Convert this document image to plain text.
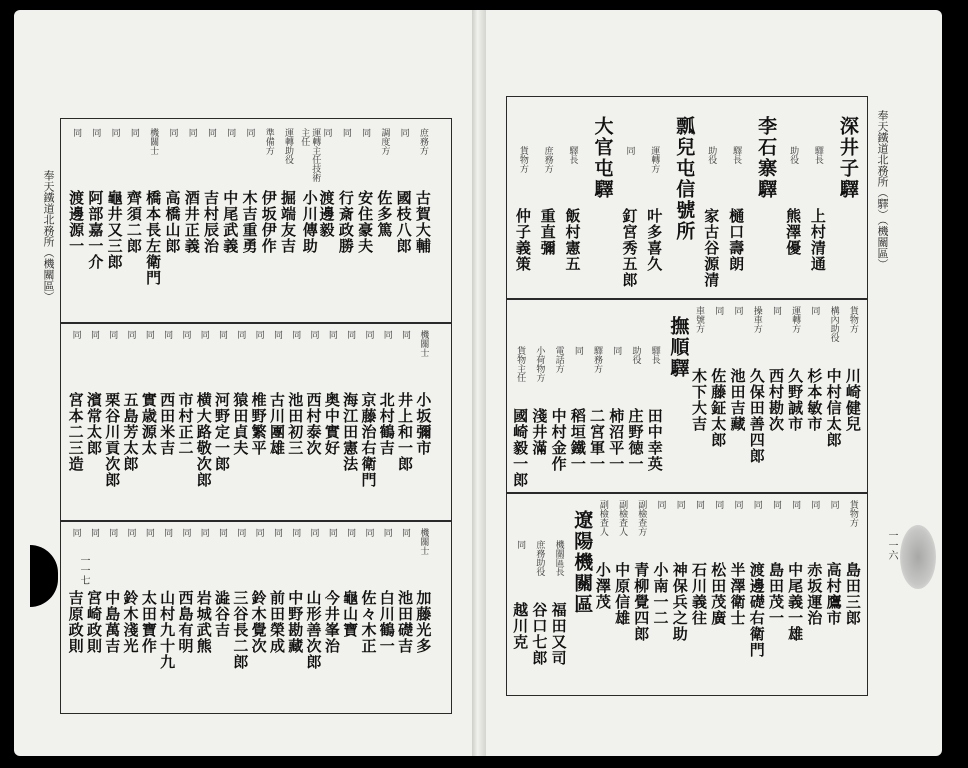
奉天鐵道北務所（機關區）
一一七
奉天鐵道北務所（驛）（機關區）
一一六
庶務方
古賀大輔
同
國枝八郎
調度方
佐多篤
同
安住豪夫
同
行斎政勝
同
渡邊毅
運轉主任技術主任
小川傳助
運轉助役
掘端友吉
準備方
伊坂伊作
同
木吉重勇
同
中尾武義
同
吉村辰治
同
酒井正義
同
高橋山郎
機關士
橋本長左衛門
同
齊須二郎
同
龜井又三郎
同
阿部嘉一介
同
渡邊源一
機關士
小坂彌市
同
井上和一郎
同
北村鶴吉
同
京藤治右衛門
同
海江田憲法
同
奥中實好
同
西村泰次
同
池田初三
同
古川團雄
同
椎野繁平
同
猿田貞夫
同
河野定一郎
同
横大路敬次郎
同
市村正二
同
西田米吉
同
實歳源太
同
五島芳太郎
同
栗谷川貢次郎
同
濱常太郎
同
宮本二三造
機關士
加藤光多
同
池田礎吉
同
白川鶴一
同
佐々木正
同
龜山寶
同
今井峯治
同
山形善次郎
同
中野勘藏
同
前田榮成
同
鈴木覺次
同
三谷長二郎
同
澁谷吉
同
岩城武熊
同
西島有明
同
山村九十九
同
太田寶作
同
鈴木淺光
同
中島萬吉
同
宮崎政則
同
吉原政則
深井子驛
驛長
上村清通
助役
熊澤優
李石寨驛
驛長
樋口壽朗
助役
家古谷源清
瓢兒屯信號所
運轉方
叶多喜久
同
釘宮秀五郎
大官屯驛
驛長
飯村憲五
庶務方
重直彌
貨物方
仲子義策
貨物方
川崎健兒
構內助役
中村信太郎
同
杉本敏市
運轉方
久野誠市
同
西村勘次
操車方
久保田善四郎
同
池田吉藏
同
佐藤鉦太郎
車號方
木下大吉
撫順驛
驛長
田中幸英
助役
庄野徳一
同
柿沼平一
驛務方
二宮軍一
同
稻垣鐵一
電話方
中村金作
小荷物方
淺井滿
貨物主任
國崎毅一郎
貨物方
島田三郎
同
高村鷹市
同
赤坂運治
同
中尾義一雄
同
島田茂一
同
渡邊礎右衛門
同
半澤衛士
同
松田茂廣
同
石川義往
同
神保兵之助
同
小南一二
副檢查方
青柳覺四郎
副檢査人
中原信雄
副檢査人
小澤茂
遼陽機關區
機關區長
福田又司
庶務助役
谷口七郎
同
越川克
